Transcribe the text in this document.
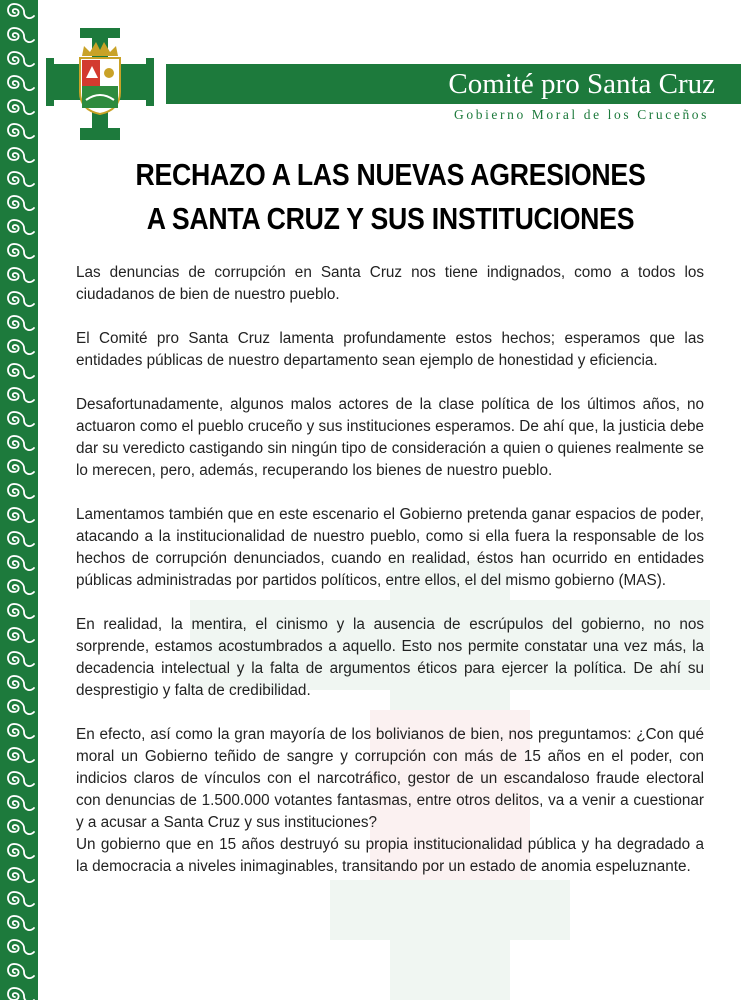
Comité pro Santa Cruz
Gobierno Moral de los Cruceños
RECHAZO A LAS NUEVAS AGRESIONES
A SANTA CRUZ Y SUS INSTITUCIONES

Las denuncias de corrupción en Santa Cruz nos tiene indignados, como a todos los ciudadanos de bien de nuestro pueblo.

El Comité pro Santa Cruz lamenta profundamente estos hechos; esperamos que las entidades públicas de nuestro departamento sean ejemplo de honestidad y eficiencia.

Desafortunadamente, algunos malos actores de la clase política de los últimos años, no actuaron como el pueblo cruceño y sus instituciones esperamos. De ahí que, la justicia debe dar su veredicto castigando sin ningún tipo de consideración a quien o quienes realmente se lo merecen, pero, además, recuperando los bienes de nuestro pueblo.

Lamentamos también que en este escenario el Gobierno pretenda ganar espacios de poder, atacando a la institucionalidad de nuestro pueblo, como si ella fuera la responsable de los hechos de corrupción denunciados, cuando en realidad, éstos han ocurrido en entidades públicas administradas por partidos políticos, entre ellos, el del mismo gobierno (MAS).

En realidad, la mentira, el cinismo y la ausencia de escrúpulos del gobierno, no nos sorprende, estamos acostumbrados a aquello. Esto nos permite constatar una vez más, la decadencia intelectual y la falta de argumentos éticos para ejercer la política. De ahí su desprestigio y falta de credibilidad.

En efecto, así como la gran mayoría de los bolivianos de bien, nos preguntamos: ¿Con qué moral un Gobierno teñido de sangre y corrupción con más de 15 años en el poder, con indicios claros de vínculos con el narcotráfico, gestor de un escandaloso fraude electoral con denuncias de 1.500.000 votantes fantasmas, entre otros delitos, va a venir a cuestionar y a acusar a Santa Cruz y sus instituciones?

Un gobierno que en 15 años destruyó su propia institucionalidad pública y ha degradado a la democracia a niveles inimaginables, transitando por un estado de anomia espeluznante.
